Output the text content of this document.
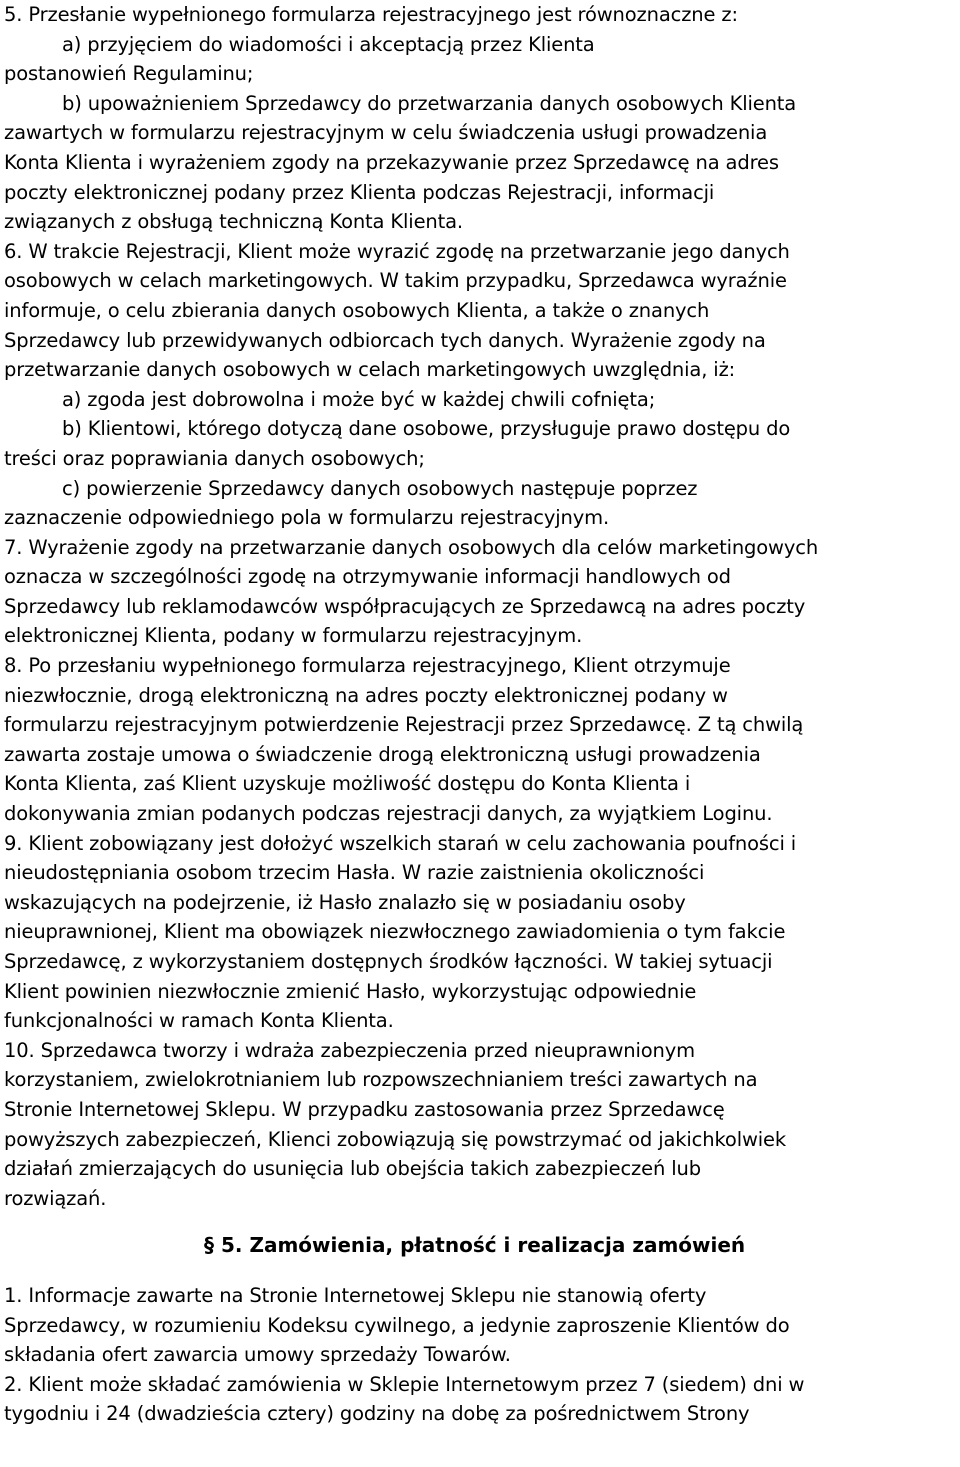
5. Przesłanie wypełnionego formularza rejestracyjnego jest równoznaczne z:
a) przyjęciem do wiadomości i akceptacją przez Klienta
postanowień Regulaminu;
b) upoważnieniem Sprzedawcy do przetwarzania danych osobowych Klienta
zawartych w formularzu rejestracyjnym w celu świadczenia usługi prowadzenia
Konta Klienta i wyrażeniem zgody na przekazywanie przez Sprzedawcę na adres
poczty elektronicznej podany przez Klienta podczas Rejestracji, informacji
związanych z obsługą techniczną Konta Klienta.
6. W trakcie Rejestracji, Klient może wyrazić zgodę na przetwarzanie jego danych
osobowych w celach marketingowych. W takim przypadku, Sprzedawca wyraźnie
informuje, o celu zbierania danych osobowych Klienta, a także o znanych
Sprzedawcy lub przewidywanych odbiorcach tych danych. Wyrażenie zgody na
przetwarzanie danych osobowych w celach marketingowych uwzględnia, iż:
a) zgoda jest dobrowolna i może być w każdej chwili cofnięta;
b) Klientowi, którego dotyczą dane osobowe, przysługuje prawo dostępu do
treści oraz poprawiania danych osobowych;
c) powierzenie Sprzedawcy danych osobowych następuje poprzez
zaznaczenie odpowiedniego pola w formularzu rejestracyjnym.
7. Wyrażenie zgody na przetwarzanie danych osobowych dla celów marketingowych
oznacza w szczególności zgodę na otrzymywanie informacji handlowych od
Sprzedawcy lub reklamodawców współpracujących ze Sprzedawcą na adres poczty
elektronicznej Klienta, podany w formularzu rejestracyjnym.
8. Po przesłaniu wypełnionego formularza rejestracyjnego, Klient otrzymuje
niezwłocznie, drogą elektroniczną na adres poczty elektronicznej podany w
formularzu rejestracyjnym potwierdzenie Rejestracji przez Sprzedawcę. Z tą chwilą
zawarta zostaje umowa o świadczenie drogą elektroniczną usługi prowadzenia
Konta Klienta, zaś Klient uzyskuje możliwość dostępu do Konta Klienta i
dokonywania zmian podanych podczas rejestracji danych, za wyjątkiem Loginu.
9. Klient zobowiązany jest dołożyć wszelkich starań w celu zachowania poufności i
nieudostępniania osobom trzecim Hasła. W razie zaistnienia okoliczności
wskazujących na podejrzenie, iż Hasło znalazło się w posiadaniu osoby
nieuprawnionej, Klient ma obowiązek niezwłocznego zawiadomienia o tym fakcie
Sprzedawcę, z wykorzystaniem dostępnych środków łączności. W takiej sytuacji
Klient powinien niezwłocznie zmienić Hasło, wykorzystując odpowiednie
funkcjonalności w ramach Konta Klienta.
10. Sprzedawca tworzy i wdraża zabezpieczenia przed nieuprawnionym
korzystaniem, zwielokrotnianiem lub rozpowszechnianiem treści zawartych na
Stronie Internetowej Sklepu. W przypadku zastosowania przez Sprzedawcę
powyższych zabezpieczeń, Klienci zobowiązują się powstrzymać od jakichkolwiek
działań zmierzających do usunięcia lub obejścia takich zabezpieczeń lub
rozwiązań.
§ 5. Zamówienia, płatność i realizacja zamówień
1. Informacje zawarte na Stronie Internetowej Sklepu nie stanowią oferty
Sprzedawcy, w rozumieniu Kodeksu cywilnego, a jedynie zaproszenie Klientów do
składania ofert zawarcia umowy sprzedaży Towarów.
2. Klient może składać zamówienia w Sklepie Internetowym przez 7 (siedem) dni w
tygodniu i 24 (dwadzieścia cztery) godziny na dobę za pośrednictwem Strony
